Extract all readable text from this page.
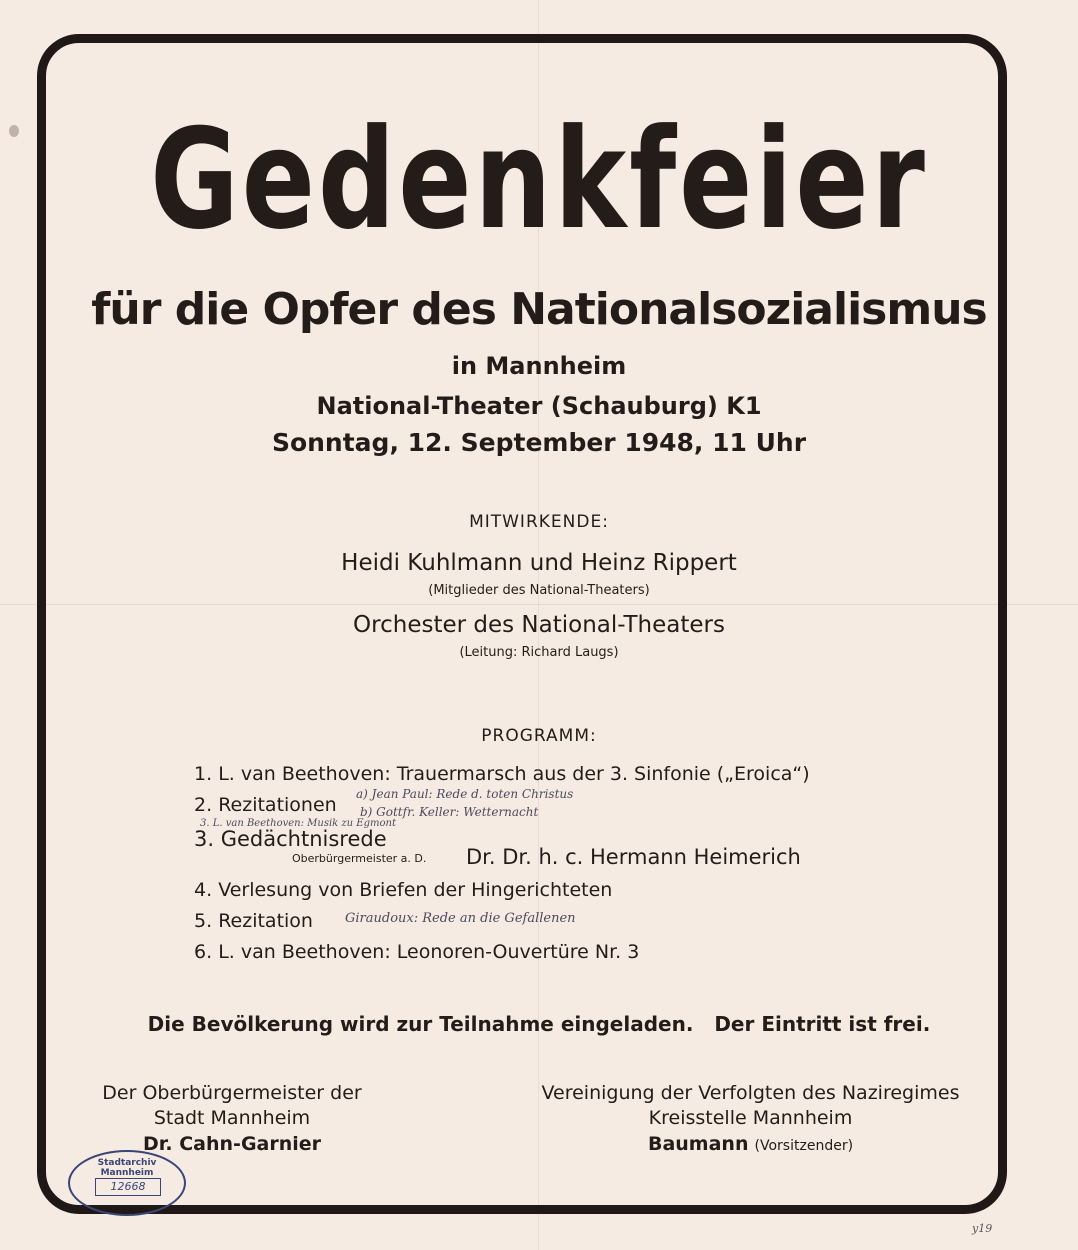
Gedenkfeier
für die Opfer des Nationalsozialismus
in Mannheim
National-Theater (Schauburg) K1
Sonntag, 12. September 1948, 11 Uhr
MITWIRKENDE:
Heidi Kuhlmann und Heinz Rippert
(Mitglieder des National-Theaters)
Orchester des National-Theaters
(Leitung: Richard Laugs)
PROGRAMM:
1. L. van Beethoven: Trauermarsch aus der 3. Sinfonie („Eroica“)
2. Rezitationen a) Jean Paul: Rede d. toten Christus
b) Gottfr. Keller: Wetternacht
3. L. van Beethoven: Musik zu Egmont
3. Gedächtnisrede
Oberbürgermeister a. D. Dr. Dr. h. c. Hermann Heimerich
4. Verlesung von Briefen der Hingerichteten
5. Rezitation Giraudoux: Rede an die Gefallenen
6. L. van Beethoven: Leonoren-Ouvertüre Nr. 3
Die Bevölkerung wird zur Teilnahme eingeladen.   Der Eintritt ist frei.
Der Oberbürgermeister der
Stadt Mannheim
Dr. Cahn-Garnier
Vereinigung der Verfolgten des Naziregimes
Kreisstelle Mannheim
Baumann (Vorsitzender)
Stadtarchiv Mannheim
12668
y19
